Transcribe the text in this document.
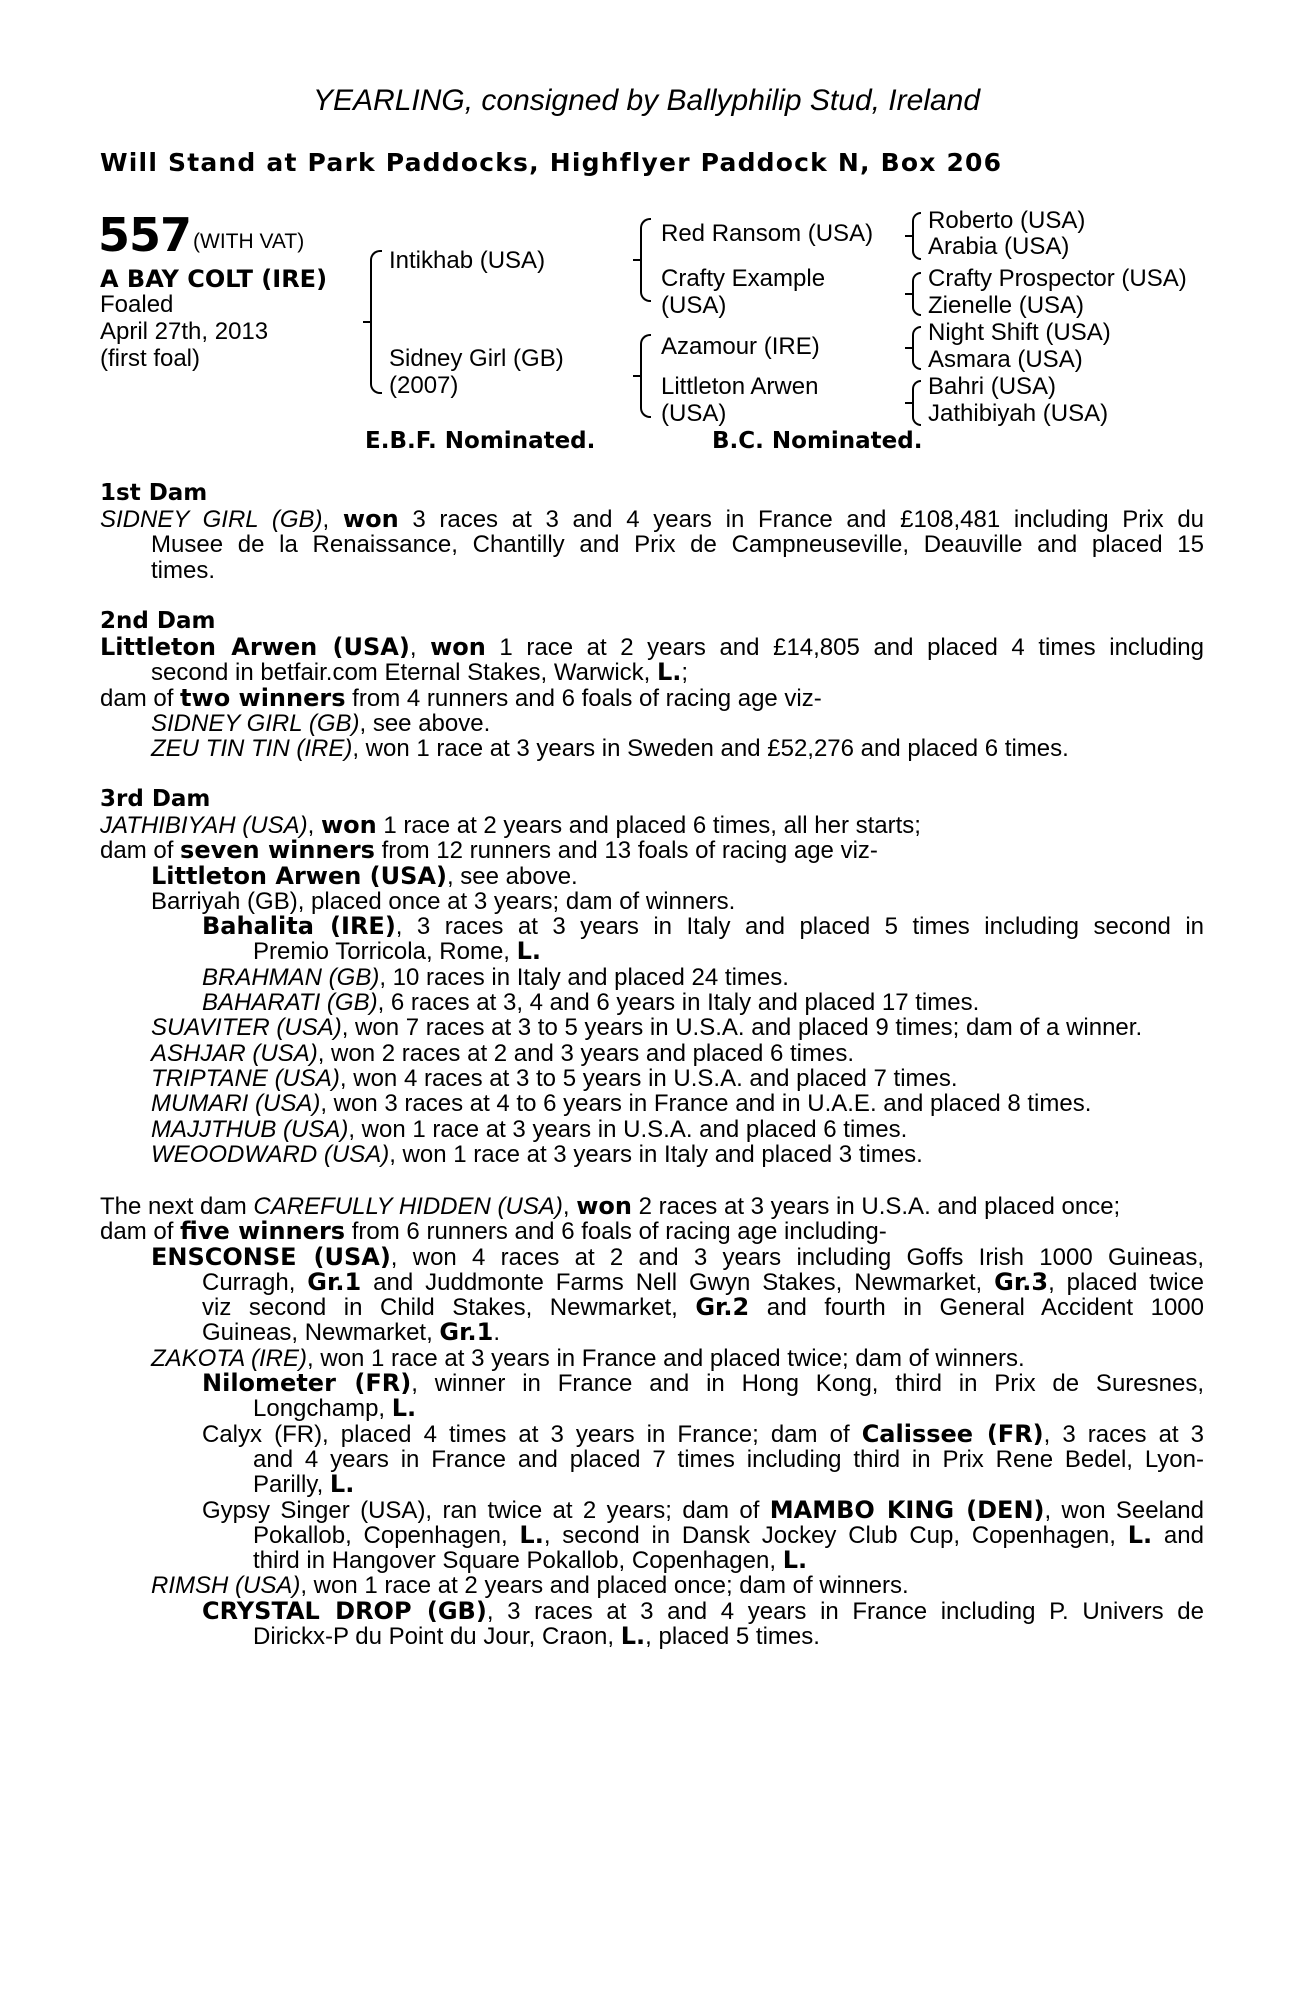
YEARLING, consigned by Ballyphilip Stud, Ireland
Will Stand at Park Paddocks, Highflyer Paddock N, Box 206
557 (WITH VAT)
A BAY COLT (IRE)
Foaled
April 27th, 2013
(first foal)
Intikhab (USA)
Sidney Girl (GB)
(2007)
Red Ransom (USA)
Crafty Example
(USA)
Azamour (IRE)
Littleton Arwen
(USA)
Roberto (USA)
Arabia (USA)
Crafty Prospector (USA)
Zienelle (USA)
Night Shift (USA)
Asmara (USA)
Bahri (USA)
Jathibiyah (USA)
E.B.F. Nominated.	B.C. Nominated.
1st Dam
SIDNEY GIRL (GB), won 3 races at 3 and 4 years in France and £108,481 including Prix du
Musee de la Renaissance, Chantilly and Prix de Campneuseville, Deauville and placed 15
times.
2nd Dam
Littleton Arwen (USA), won 1 race at 2 years and £14,805 and placed 4 times including
second in betfair.com Eternal Stakes, Warwick, L.;
dam of two winners from 4 runners and 6 foals of racing age viz-
SIDNEY GIRL (GB), see above.
ZEU TIN TIN (IRE), won 1 race at 3 years in Sweden and £52,276 and placed 6 times.
3rd Dam
JATHIBIYAH (USA), won 1 race at 2 years and placed 6 times, all her starts;
dam of seven winners from 12 runners and 13 foals of racing age viz-
Littleton Arwen (USA), see above.
Barriyah (GB), placed once at 3 years; dam of winners.
Bahalita (IRE), 3 races at 3 years in Italy and placed 5 times including second in
Premio Torricola, Rome, L.
BRAHMAN (GB), 10 races in Italy and placed 24 times.
BAHARATI (GB), 6 races at 3, 4 and 6 years in Italy and placed 17 times.
SUAVITER (USA), won 7 races at 3 to 5 years in U.S.A. and placed 9 times; dam of a winner.
ASHJAR (USA), won 2 races at 2 and 3 years and placed 6 times.
TRIPTANE (USA), won 4 races at 3 to 5 years in U.S.A. and placed 7 times.
MUMARI (USA), won 3 races at 4 to 6 years in France and in U.A.E. and placed 8 times.
MAJJTHUB (USA), won 1 race at 3 years in U.S.A. and placed 6 times.
WEOODWARD (USA), won 1 race at 3 years in Italy and placed 3 times.
The next dam CAREFULLY HIDDEN (USA), won 2 races at 3 years in U.S.A. and placed once;
dam of five winners from 6 runners and 6 foals of racing age including-
ENSCONSE (USA), won 4 races at 2 and 3 years including Goffs Irish 1000 Guineas,
Curragh, Gr.1 and Juddmonte Farms Nell Gwyn Stakes, Newmarket, Gr.3, placed twice
viz second in Child Stakes, Newmarket, Gr.2 and fourth in General Accident 1000
Guineas, Newmarket, Gr.1.
ZAKOTA (IRE), won 1 race at 3 years in France and placed twice; dam of winners.
Nilometer (FR), winner in France and in Hong Kong, third in Prix de Suresnes,
Longchamp, L.
Calyx (FR), placed 4 times at 3 years in France; dam of Calissee (FR), 3 races at 3
and 4 years in France and placed 7 times including third in Prix Rene Bedel, Lyon-
Parilly, L.
Gypsy Singer (USA), ran twice at 2 years; dam of MAMBO KING (DEN), won Seeland
Pokallob, Copenhagen, L., second in Dansk Jockey Club Cup, Copenhagen, L. and
third in Hangover Square Pokallob, Copenhagen, L.
RIMSH (USA), won 1 race at 2 years and placed once; dam of winners.
CRYSTAL DROP (GB), 3 races at 3 and 4 years in France including P. Univers de
Dirickx-P du Point du Jour, Craon, L., placed 5 times.
